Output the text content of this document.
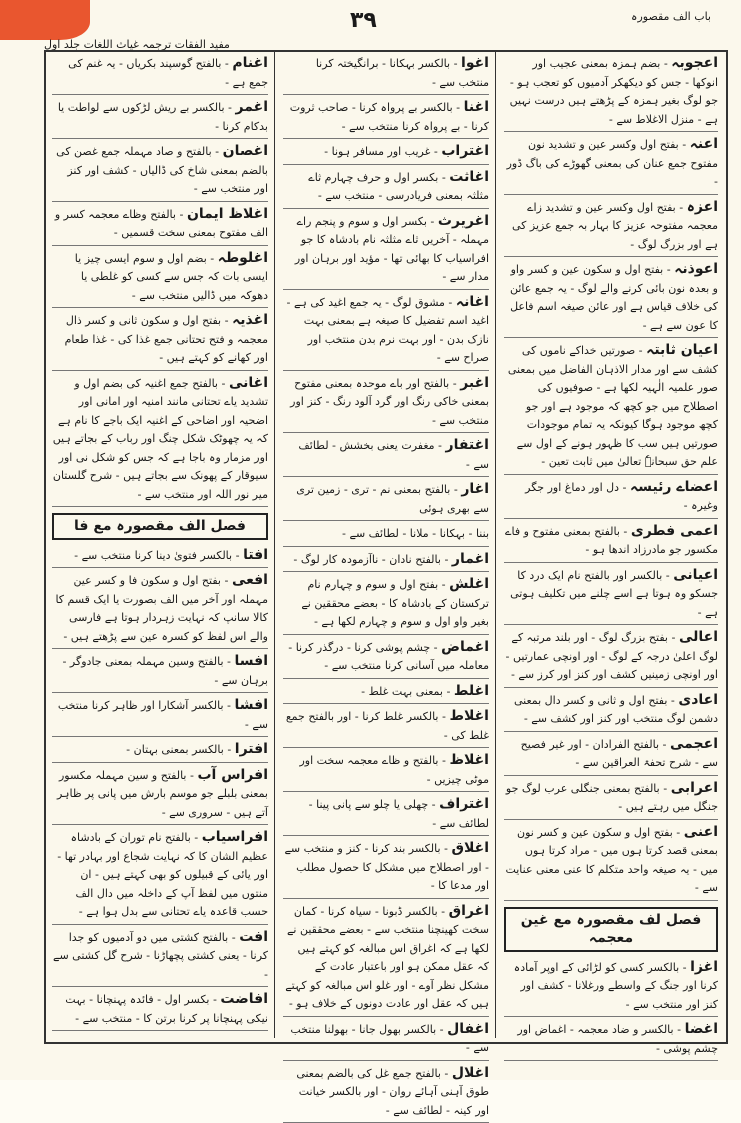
باب الف مقصورہ
٣٩
مفید الفقات ترجمہ غیاث اللغات جلد اول
اعجوبہ - بضم ہمزہ بمعنی عجیب اور انوکھا - جس کو دیکھکر آدمیوں کو تعجب ہو - جو لوگ بغیر ہمزہ کے پڑھتے ہیں درست نہیں ہے - منزل الاغلاط سے -
اعنہ - بفتح اول وکسر عین و تشدید نون مفتوح جمع عنان کی بمعنی گھوڑے کی باگ ڈور -
اعزہ - بفتح اول وکسر عین و تشدید زاے معجمہ مفتوحہ عزیز کا بہار بہ جمع عزیز کی ہے اور بزرگ لوگ -
اعوذنہ - بفتح اول و سکون عین و کسر واو و بعدہ نون بائی کرنے والے لوگ - یہ جمع عائن کی خلاف قیاس ہے اور عائن صیغہ اسم فاعل کا عون سے ہے -
اعیان ثابتہ - صورتیں خداکے ناموں کی کشف سے اور مدار الاذہان الفاضل میں بمعنی صور علمیہ الٰہیہ لکھا ہے - صوفیوں کی اصطلاح میں جو کچھ کہ موجود ہے اور جو کچھ موجود ہوگا کیونکہ یہ تمام موجودات صورتیں ہیں سب کا ظہور ہونے کے اول سے علم حق سبحانہٗ تعالیٰ میں ثابت تعین -
اعضاے رئیسہ - دل اور دماغ اور جگر وغیرہ -
اعمی فطری - بالفتح بمعنی مفتوح و فاے مکسور جو مادرزاد اندھا ہو -
اعیانی - بالکسر اور بالفتح نام ایک درد کا جسکو وہ ہوتا ہے اسے چلنے میں تکلیف ہوتی ہے -
اعالی - بفتح بزرگ لوگ - اور بلند مرتبہ کے لوگ اعلیٰ درجہ کے لوگ - اور اونچی عمارتیں - اور اونچی زمینیں کشف اور کنز اور کرز سے -
اعادی - بفتح اول و ثانی و کسر دال بمعنی دشمن لوگ منتخب اور کنز اور کشف سے -
اعجمی - بالفتح الفرادان - اور غیر فصیح سے - شرح تحفۃ العراقین سے -
اعرابی - بالفتح بمعنی جنگلی عرب لوگ جو جنگل میں رہتے ہیں -
اعنی - بفتح اول و سکون عین و کسر نون بمعنی قصد کرتا ہوں میں - مراد کرتا ہوں میں - یہ صیغہ واحد متکلم کا عنی معنی عنایت سے -
فصل لف مقصورہ مع غین معجمہ
اغزا - بالکسر کسی کو لڑائی کے اوپر آمادہ کرنا اور جنگ کے واسطے ورغلانا - کشف اور کنز اور منتخب سے -
اغضا - بالکسر و ضاد معجمہ - اغماض اور چشم پوشی -
اغوا - بالکسر بہکانا - برانگیختہ کرنا منتخب سے -
اغنا - بالکسر بے پرواہ کرنا - صاحب ثروت کرنا - بے پرواہ کرنا منتخب سے -
اغتراب - غریب اور مسافر ہونا -
اغاثت - بکسر اول و حرف چہارم ثاے مثلثہ بمعنی فریادرسی - منتخب سے -
اغریرث - بکسر اول و سوم و پنجم راے مہملہ - آخریں ثاے مثلثہ نام بادشاہ کا جو افراسیاب کا بھائی تھا - مؤید اور برہان اور مدار سے -
اغانہ - مشوق لوگ - یہ جمع اغید کی ہے - اغید اسم تفضیل کا صیغہ ہے بمعنی بہت نازک بدن - اور بہت نرم بدن منتخب اور صراح سے -
اغبر - بالفتح اور باے موحدہ بمعنی مفتوح بمعنی خاکی رنگ اور گرد آلود رنگ - کنز اور منتخب سے -
اغتفار - مغفرت یعنی بخشش - لطائف سے -
اغار - بالفتح بمعنی نم - تری - زمین تری سے بھری ہوئی
بننا - بہکانا - ملانا - لطائف سے -
اغمار - بالفتح نادان - ناآزمودہ کار لوگ -
اغلش - بفتح اول و سوم و چہارم نام ترکستان کے بادشاہ کا - بعضے محققین نے بغیر واو اول و سوم و چہارم لکھا ہے -
اغماض - چشم پوشی کرنا - درگذر کرنا - معاملہ میں آسانی کرنا منتخب سے -
اغلط - بمعنی بہت غلط -
اغلاط - بالکسر غلط کرنا - اور بالفتح جمع غلط کی -
اغلاظ - بالفتح و ظاے معجمہ سخت اور موٹی چیزیں -
اغتراف - چھلی یا چلو سے پانی پینا - لطائف سے -
اغلاق - بالکسر بند کرنا - کنز و منتخب سے - اور اصطلاح میں مشکل کا حصول مطلب اور مدعا کا -
اغراق - بالکسر ڈبونا - سیاہ کرنا - کمان سخت کھینچنا منتخب سے - بعضے محققین نے لکھا ہے کہ اغراق اس مبالغہ کو کہتے ہیں کہ عقل ممکن ہو اور باعتبار عادت کے مشکل نظر آوے - اور غلو اس مبالغہ کو کہتے ہیں کہ عقل اور عادت دونوں کے خلاف ہو -
اغفال - بالکسر بھول جانا - بھولنا منتخب سے -
اغلال - بالفتح جمع غل کی بالضم بمعنی طوق آہنی آہائے روان - اور بالکسر خیانت اور کینہ - لطائف سے -
اغنام - بالفتح گوسپند بکریاں - یہ غنم کی جمع ہے -
اغمر - بالکسر بے ریش لڑکوں سے لواطت یا بدکام کرنا -
اغصان - بالفتح و صاد مہملہ جمع غصن کی بالضم بمعنی شاخ کی ڈالیاں - کشف اور کنز اور منتخب سے -
اغلاظ ایمان - بالفتح وظاے معجمہ کسر و الف مفتوح بمعنی سخت قسمیں -
اغلوطہ - بضم اول و سوم ایسی چیز یا ایسی بات کہ جس سے کسی کو غلطی یا دھوکہ میں ڈالیں منتخب سے -
اغذیہ - بفتح اول و سکون ثانی و کسر ذال معجمہ و فتح تحتانی جمع غذا کی - غذا طعام اور کھانے کو کہتے ہیں -
اغانی - بالفتح جمع اغنیہ کی بضم اول و تشدید یاے تحتانی مانند امنیہ اور امانی اور اضحیہ اور اضاحی کے اغنیہ ایک باجے کا نام ہے کہ یہ چھوٹک شکل چنگ اور رباب کے بجاتے ہیں اور مزمار وہ باجا ہے کہ جس کو شکل نی اور سیوقار کے پھونک سے بجاتے ہیں - شرح گلستان میر نور اللہ اور منتخب سے -
فصل الف مقصورہ مع فا
افتا - بالکسر فتویٰ دینا کرنا منتخب سے -
افعی - بفتح اول و سکون فا و کسر عین مہملہ اور آخر میں الف بصورت یا ایک قسم کا کالا سانپ کہ نہایت زہردار ہوتا ہے فارسی والے اس لفظ کو کسرہ عین سے پڑھتے ہیں -
افسا - بالفتح وسین مہملہ بمعنی جادوگر - برہان سے -
افشا - بالکسر آشکارا اور ظاہر کرنا منتخب سے -
افترا - بالکسر بمعنی بہتان -
افراس آب - بالفتح و سین مہملہ مکسور بمعنی بلبلے جو موسم بارش میں پانی پر ظاہر آتے ہیں - سروری سے -
افراسیاب - بالفتح نام توران کے بادشاہ عظیم الشان کا کہ نہایت شجاع اور بہادر تھا - اور یائی کے قبیلوں کو بھی کہتے ہیں - ان منتوں میں لفظ آپ کے داخلہ میں دال الف حسب قاعدہ یاے تحتانی سے بدل ہوا ہے -
افت - بالفتح کشتی میں دو آدمیوں کو جدا کرنا - یعنی کشتی پچھاڑنا - شرح گل کشتی سے -
افاضت - بکسر اول - فائدہ پہنچانا - بہت نیکی پہنچانا پر کرنا برتن کا - منتخب سے -
